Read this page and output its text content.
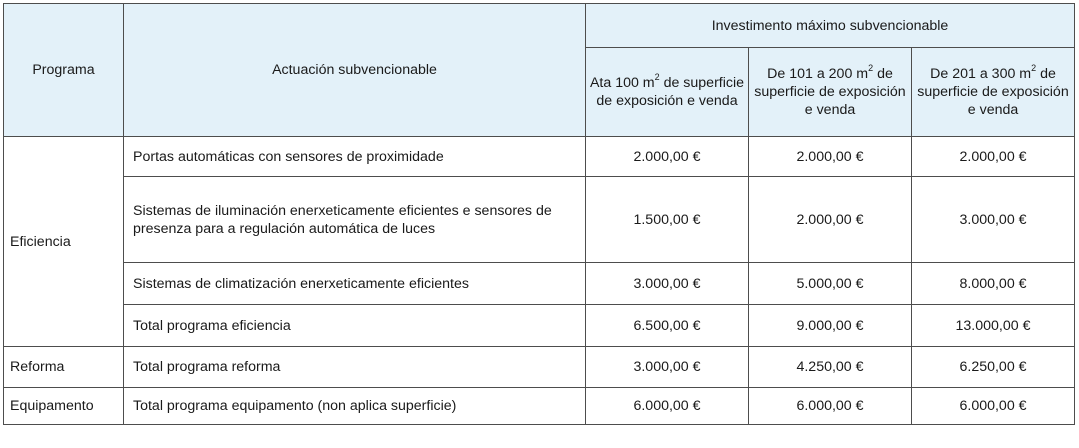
Programa	Actuación subvencionable	Investimento máximo subvencionable		
		Ata 100 $m^2$ de superficie de exposición e venda	De 101 a 200 $m^2$ de superficie de exposición e venda	De 201 a 300 $m^2$ de superficie de exposición e venda
Eficiencia	Portas automáticas con sensores de proximidade	2.000,00 €	2.000,00 €	2.000,00 €
	Sistemas de iluminación enerxeticamente eficientes e sensores de presenza para a regulación automática de luces	1.500,00 €	2.000,00 €	3.000,00 €
	Sistemas de climatización enerxeticamente eficientes	3.000,00 €	5.000,00 €	8.000,00 €
	Total programa eficiencia	6.500,00 €	9.000,00 €	13.000,00 €
Reforma	Total programa reforma	3.000,00 €	4.250,00 €	6.250,00 €
Equipamento	Total programa equipamento (non aplica superficie)	6.000,00 €	6.000,00 €	6.000,00 €
